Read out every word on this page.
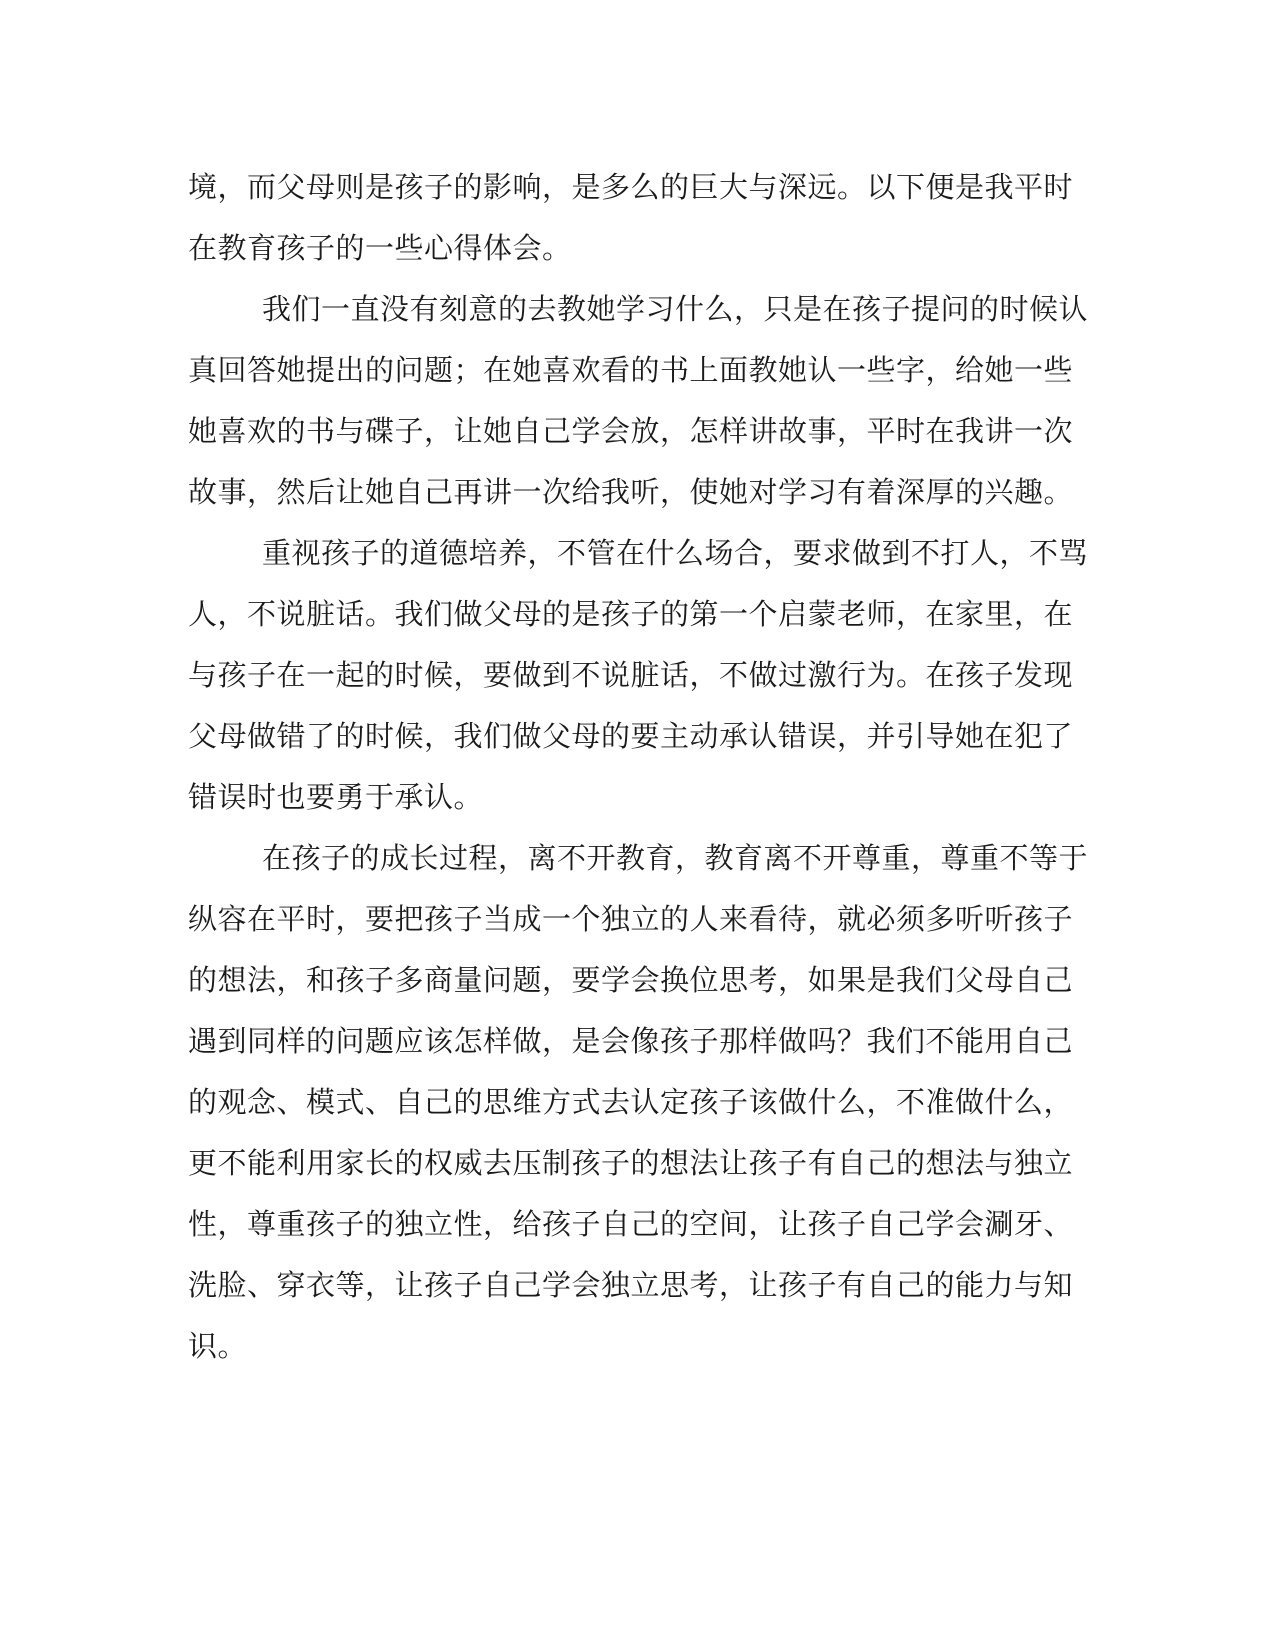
境，而父母则是孩子的影响，是多么的巨大与深远。以下便是我平时
在教育孩子的一些心得体会。
我们一直没有刻意的去教她学习什么，只是在孩子提问的时候认
真回答她提出的问题；在她喜欢看的书上面教她认一些字，给她一些
她喜欢的书与碟子，让她自己学会放，怎样讲故事，平时在我讲一次
故事，然后让她自己再讲一次给我听，使她对学习有着深厚的兴趣。
重视孩子的道德培养，不管在什么场合，要求做到不打人，不骂
人，不说脏话。我们做父母的是孩子的第一个启蒙老师，在家里，在
与孩子在一起的时候，要做到不说脏话，不做过激行为。在孩子发现
父母做错了的时候，我们做父母的要主动承认错误，并引导她在犯了
错误时也要勇于承认。
在孩子的成长过程，离不开教育，教育离不开尊重，尊重不等于
纵容在平时，要把孩子当成一个独立的人来看待，就必须多听听孩子
的想法，和孩子多商量问题，要学会换位思考，如果是我们父母自己
遇到同样的问题应该怎样做，是会像孩子那样做吗？我们不能用自己
的观念、模式、自己的思维方式去认定孩子该做什么，不准做什么，
更不能利用家长的权威去压制孩子的想法让孩子有自己的想法与独立
性，尊重孩子的独立性，给孩子自己的空间，让孩子自己学会涮牙、
洗脸、穿衣等，让孩子自己学会独立思考，让孩子有自己的能力与知
识。
